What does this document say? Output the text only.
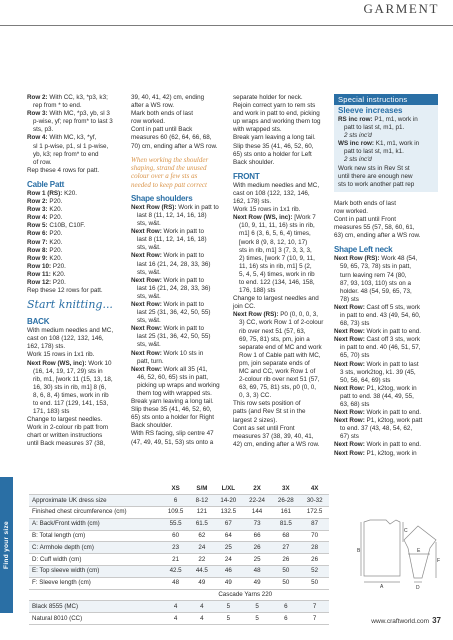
GARMENT
Row 2: With CC, k3, *p3, k3;
rep from * to end.
Row 3: With MC, *p3, yb, sl 3
p-wise, yf; rep from* to last 3
sts, p3.
Row 4: With MC, k3, *yf,
sl 1 p-wise, p1, sl 1 p-wise,
yb, k3; rep from* to end
of row.
Rep these 4 rows for patt.
Cable Patt
Row 1 (RS): K20.
Row 2: P20.
Row 3: K20.
Row 4: P20.
Row 5: C10B, C10F.
Row 6: P20.
Row 7: K20.
Row 8: P20.
Row 9: K20.
Row 10: P20.
Row 11: K20.
Row 12: P20.
Rep these 12 rows for patt.
Start knitting...
BACK
With medium needles and MC,
cast on 108 (122, 132, 146,
162, 178) sts.
Work 15 rows in 1x1 rib.
Next Row (WS, inc): Work 10
(16, 14, 19, 17, 29) sts in
rib, m1, [work 11 (15, 13, 18,
16, 30) sts in rib, m1] 8 (6,
8, 6, 8, 4) times, work in rib
to end. 117 (129, 141, 153,
171, 183) sts
Change to largest needles.
Work in 2-colour rib patt from
chart or written instructions
until Back measures 37 (38,
39, 40, 41, 42) cm, ending
after a WS row.
Mark both ends of last
row worked.
Cont in patt until Back
measures 60 (62, 64, 66, 68,
70) cm, ending after a WS row.
When working the shoulder
shaping, strand the unused
colour over a few sts as
needed to keep patt correct
Shape shoulders
Next Row (RS): Work in patt to
last 8 (11, 12, 14, 16, 18)
sts, w&t.
Next Row: Work in patt to
last 8 (11, 12, 14, 16, 18)
sts, w&t.
Next Row: Work in patt to
last 16 (21, 24, 28, 33, 36)
sts, w&t.
Next Row: Work in patt to
last 16 (21, 24, 28, 33, 36)
sts, w&t.
Next Row: Work in patt to
last 25 (31, 36, 42, 50, 55)
sts, w&t.
Next Row: Work in patt to
last 25 (31, 36, 42, 50, 55)
sts, w&t.
Next Row: Work 10 sts in
patt, turn.
Next Row: Work all 35 (41,
46, 52, 60, 65) sts in patt,
picking up wraps and working
them tog with wrapped sts.
Break yarn leaving a long tail.
Slip these 35 (41, 46, 52, 60,
65) sts onto a holder for Right
Back shoulder.
With RS facing, slip centre 47
(47, 49, 49, 51, 53) sts onto a
separate holder for neck.
Rejoin correct yarn to rem sts
and work in patt to end, picking
up wraps and working them tog
with wrapped sts.
Break yarn leaving a long tail.
Slip these 35 (41, 46, 52, 60,
65) sts onto a holder for Left
Back shoulder.
FRONT
With medium needles and MC,
cast on 108 (122, 132, 146,
162, 178) sts.
Work 15 rows in 1x1 rib.
Next Row (WS, inc): [Work 7
(10, 9, 11, 11, 16) sts in rib,
m1] 6 (3, 6, 5, 6, 4) times,
[work 8 (9, 8, 12, 10, 17)
sts in rib, m1] 3 (7, 3, 3, 3,
2) times, [work 7 (10, 9, 11,
11, 16) sts in rib, m1] 5 (2,
5, 4, 5, 4) times, work in rib
to end. 122 (134, 146, 158,
176, 188) sts
Change to largest needles and
join CC.
Next Row (RS): P0 (0, 0, 0, 3,
3) CC, work Row 1 of 2-colour
rib over next 51 (57, 63,
69, 75, 81) sts, pm, join a
separate end of MC and work
Row 1 of Cable patt with MC,
pm, join separate ends of
MC and CC, work Row 1 of
2-colour rib over next 51 (57,
63, 69, 75, 81) sts, p0 (0, 0,
0, 3, 3) CC.
This row sets position of
patts (and Rev St st in the
largest 2 sizes).
Cont as set until Front
measures 37 (38, 39, 40, 41,
42) cm, ending after a WS row.
Special instructions
Sleeve increases
RS inc row: P1, m1, work in
patt to last st, m1, p1.
2 sts inc'd
WS inc row: K1, m1, work in
patt to last st, m1, k1.
2 sts inc'd
Work new sts in Rev St st
until there are enough new
sts to work another patt rep
Mark both ends of last
row worked.
Cont in patt until Front
measures 55 (57, 58, 60, 61,
63) cm, ending after a WS row.
Shape Left neck
Next Row (RS): Work 48 (54,
59, 65, 73, 78) sts in patt,
turn leaving rem 74 (80,
87, 93, 103, 110) sts on a
holder. 48 (54, 59, 65, 73,
78) sts
Next Row: Cast off 5 sts, work
in patt to end. 43 (49, 54, 60,
68, 73) sts
Next Row: Work in patt to end.
Next Row: Cast off 3 sts, work
in patt to end. 40 (46, 51, 57,
65, 70) sts
Next Row: Work in patt to last
3 sts, work2tog, k1. 39 (45,
50, 56, 64, 69) sts
Next Row: P1, k2tog, work in
patt to end. 38 (44, 49, 55,
63, 68) sts
Next Row: Work in patt to end.
Next Row: P1, k2tog, work patt
to end. 37 (43, 48, 54, 62,
67) sts
Next Row: Work in patt to end.
Next Row: P1, k2tog, work in
Find your size
	XS	S/M	L/XL	2X	3X	4X
Approximate UK dress size	6	8-12	14-20	22-24	26-28	30-32
Finished chest circumference (cm)	109.5	121	132.5	144	161	172.5
A: Back/Front width (cm)	55.5	61.5	67	73	81.5	87
B: Total length (cm)	60	62	64	66	68	70
C: Armhole depth (cm)	23	24	25	26	27	28
D: Cuff width (cm)	21	22	24	25	26	26
E: Top sleeve width (cm)	42.5	44.5	46	48	50	52
F: Sleeve length (cm)	48	49	49	49	50	50
	Cascade Yarns 220					
Black 8555 (MC)	4	4	5	5	6	7
Natural 8010 (CC)	4	4	5	5	6	7
A
B
C
D
E
F
www.craftworld.com 37
